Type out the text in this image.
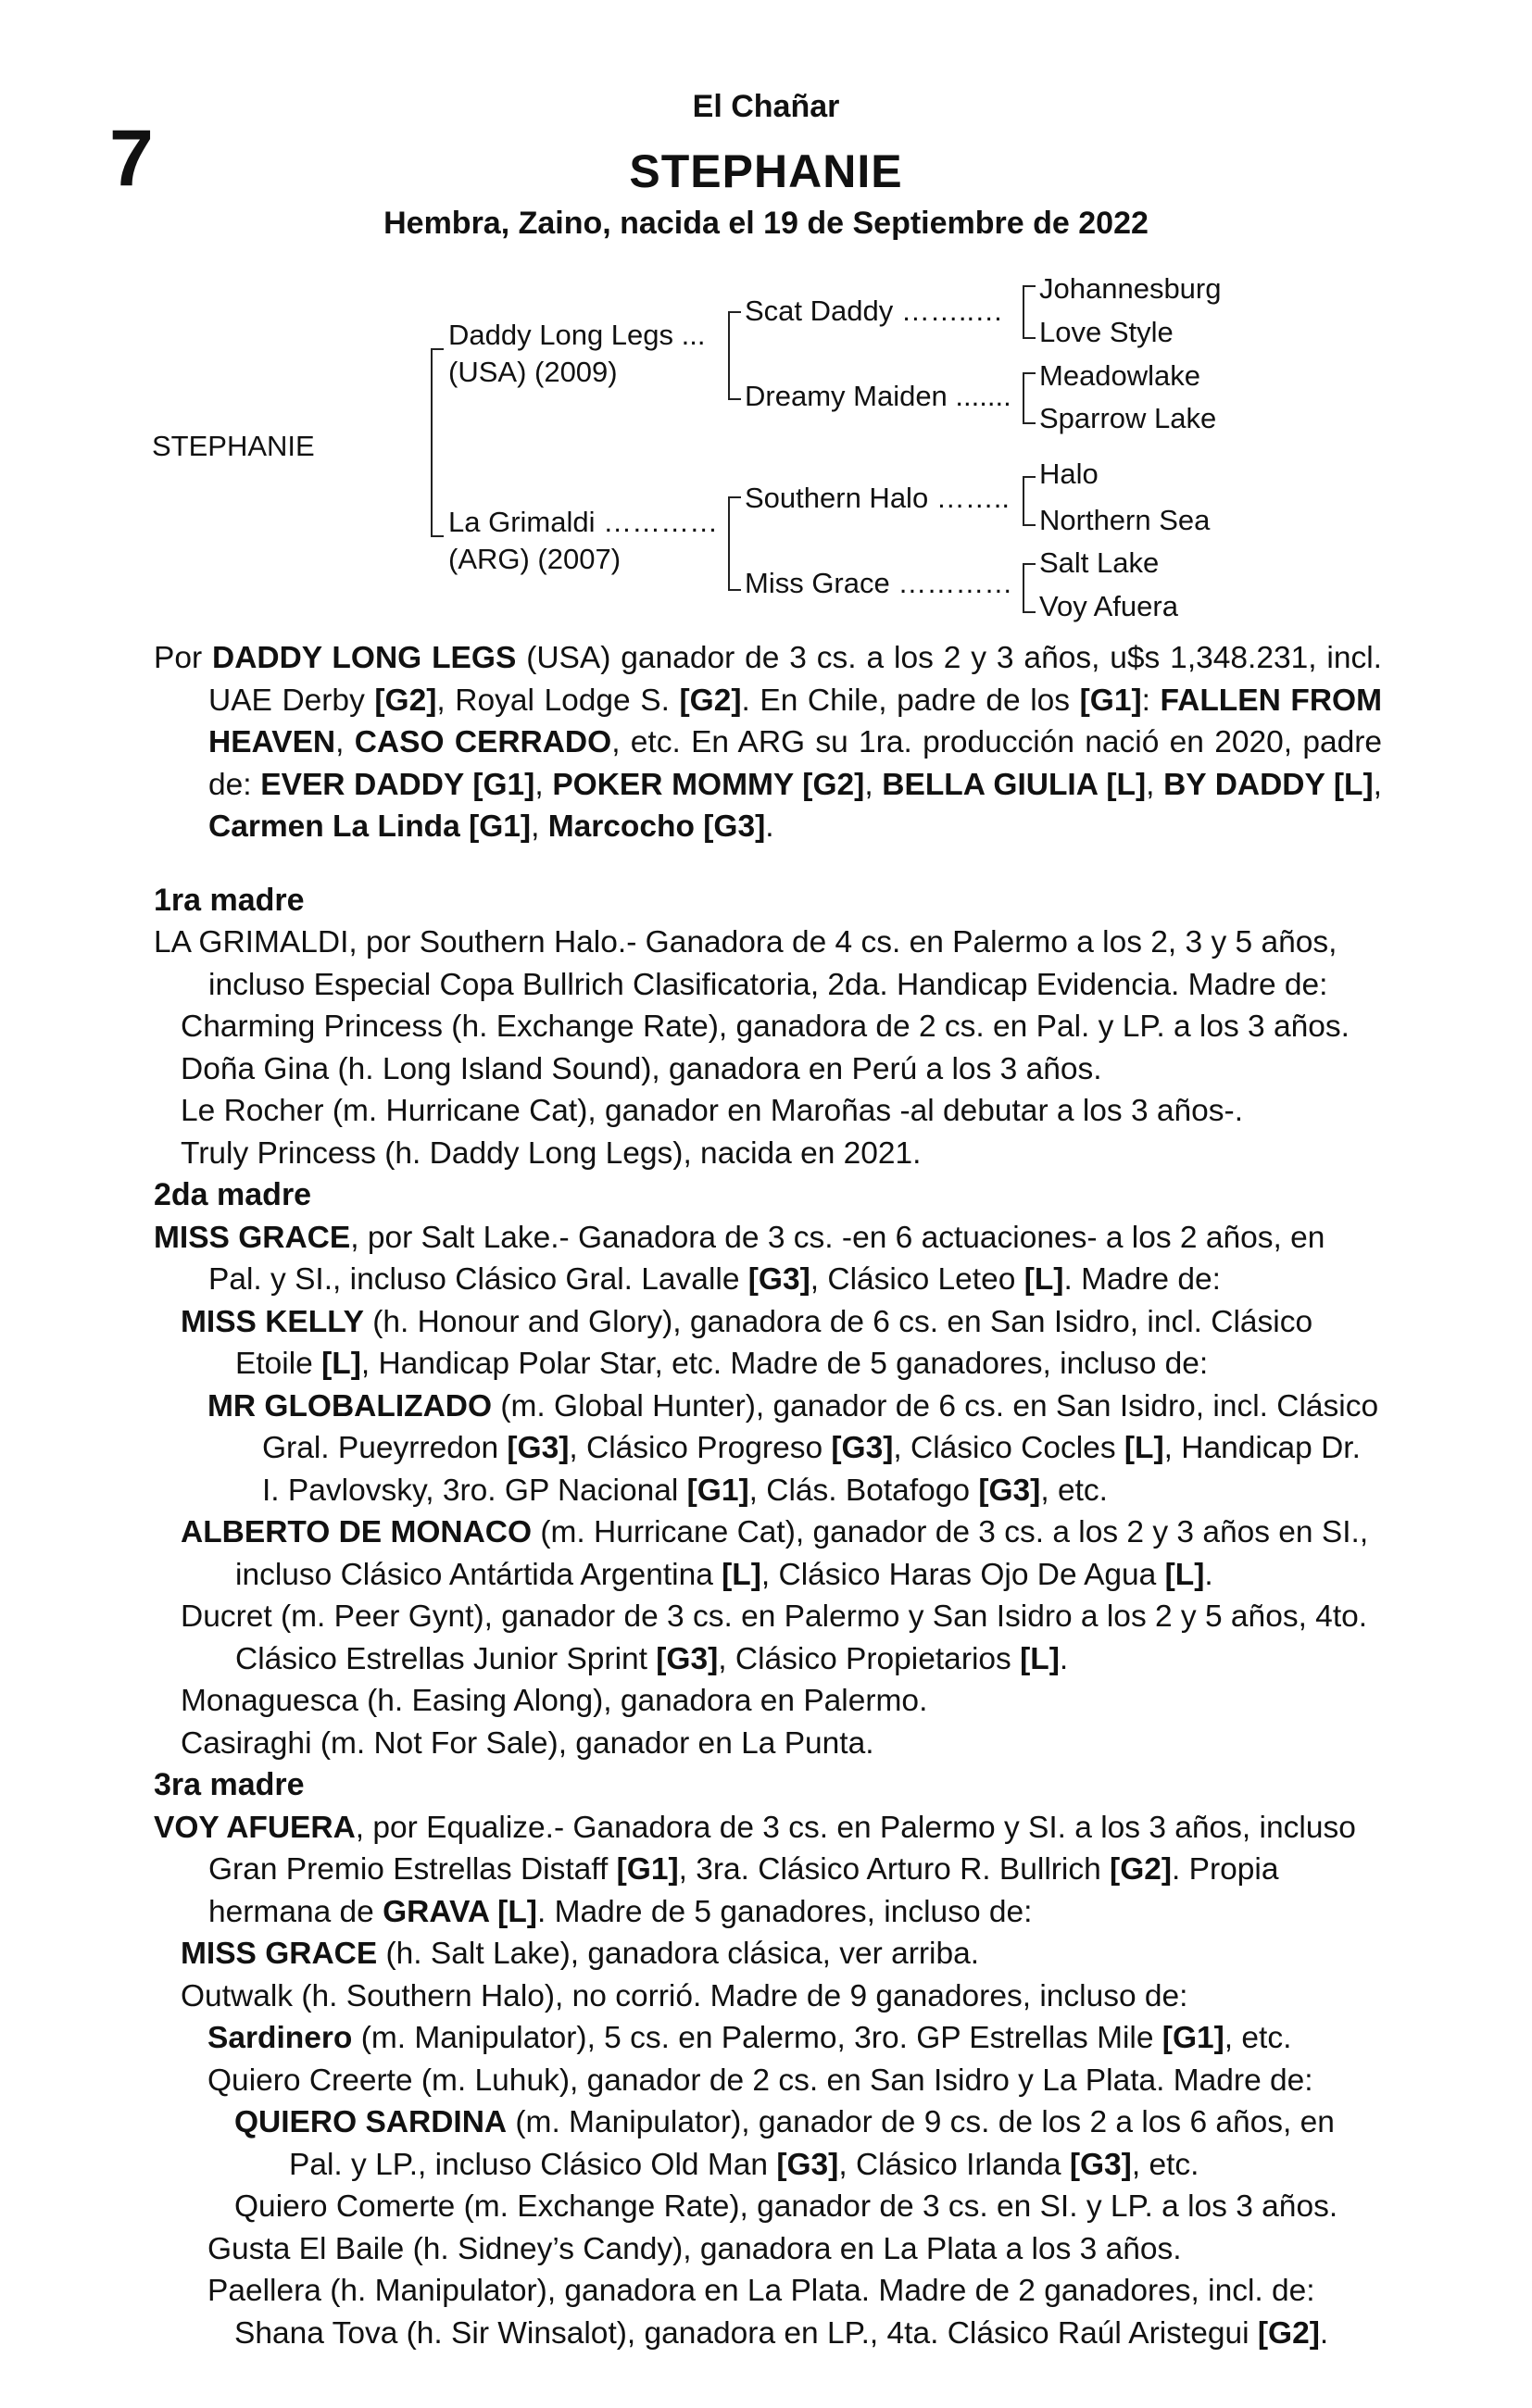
7
El Chañar
STEPHANIE
Hembra, Zaino, nacida el 19 de Septiembre de 2022
STEPHANIE
Daddy Long Legs ...
(USA) (2009)
La Grimaldi …………
(ARG) (2007)
Scat Daddy ……..…
Dreamy Maiden .......
Southern Halo ……..
Miss Grace …………
Johannesburg
Love Style
Meadowlake
Sparrow Lake
Halo
Northern Sea
Salt Lake
Voy Afuera
Por DADDY LONG LEGS (USA) ganador de 3 cs. a los 2 y 3 años, u$s 1,348.231, incl. UAE Derby [G2], Royal Lodge S. [G2]. En Chile, padre de los [G1]: FALLEN FROM HEAVEN, CASO CERRADO, etc. En ARG su 1ra. producción nació en 2020, padre de: EVER DADDY [G1], POKER MOMMY [G2], BELLA GIULIA [L], BY DADDY [L], Carmen La Linda [G1], Marcocho [G3].
1ra madre
LA GRIMALDI, por Southern Halo.- Ganadora de 4 cs. en Palermo a los 2, 3 y 5 años, incluso Especial Copa Bullrich Clasificatoria, 2da. Handicap Evidencia. Madre de:
Charming Princess (h. Exchange Rate), ganadora de 2 cs. en Pal. y LP. a los 3 años.
Doña Gina (h. Long Island Sound), ganadora en Perú a los 3 años.
Le Rocher (m. Hurricane Cat), ganador en Maroñas -al debutar a los 3 años-.
Truly Princess (h. Daddy Long Legs), nacida en 2021.
2da madre
MISS GRACE, por Salt Lake.- Ganadora de 3 cs. -en 6 actuaciones- a los 2 años, en Pal. y SI., incluso Clásico Gral. Lavalle [G3], Clásico Leteo [L]. Madre de:
MISS KELLY (h. Honour and Glory), ganadora de 6 cs. en San Isidro, incl. Clásico Etoile [L], Handicap Polar Star, etc. Madre de 5 ganadores, incluso de:
MR GLOBALIZADO (m. Global Hunter), ganador de 6 cs. en San Isidro, incl. Clásico Gral. Pueyrredon [G3], Clásico Progreso [G3], Clásico Cocles [L], Handicap Dr. I. Pavlovsky, 3ro. GP Nacional [G1], Clás. Botafogo [G3], etc.
ALBERTO DE MONACO (m. Hurricane Cat), ganador de 3 cs. a los 2 y 3 años en SI., incluso Clásico Antártida Argentina [L], Clásico Haras Ojo De Agua [L].
Ducret (m. Peer Gynt), ganador de 3 cs. en Palermo y San Isidro a los 2 y 5 años, 4to. Clásico Estrellas Junior Sprint [G3], Clásico Propietarios [L].
Monaguesca (h. Easing Along), ganadora en Palermo.
Casiraghi (m. Not For Sale), ganador en La Punta.
3ra madre
VOY AFUERA, por Equalize.- Ganadora de 3 cs. en Palermo y SI. a los 3 años, incluso Gran Premio Estrellas Distaff [G1], 3ra. Clásico Arturo R. Bullrich [G2]. Propia hermana de GRAVA [L]. Madre de 5 ganadores, incluso de:
MISS GRACE (h. Salt Lake), ganadora clásica, ver arriba.
Outwalk (h. Southern Halo), no corrió. Madre de 9 ganadores, incluso de:
Sardinero (m. Manipulator), 5 cs. en Palermo, 3ro. GP Estrellas Mile [G1], etc.
Quiero Creerte (m. Luhuk), ganador de 2 cs. en San Isidro y La Plata. Madre de:
QUIERO SARDINA (m. Manipulator), ganador de 9 cs. de los 2 a los 6 años, en Pal. y LP., incluso Clásico Old Man [G3], Clásico Irlanda [G3], etc.
Quiero Comerte (m. Exchange Rate), ganador de 3 cs. en SI. y LP. a los 3 años.
Gusta El Baile (h. Sidney’s Candy), ganadora en La Plata a los 3 años.
Paellera (h. Manipulator), ganadora en La Plata. Madre de 2 ganadores, incl. de:
Shana Tova (h. Sir Winsalot), ganadora en LP., 4ta. Clásico Raúl Aristegui [G2].
